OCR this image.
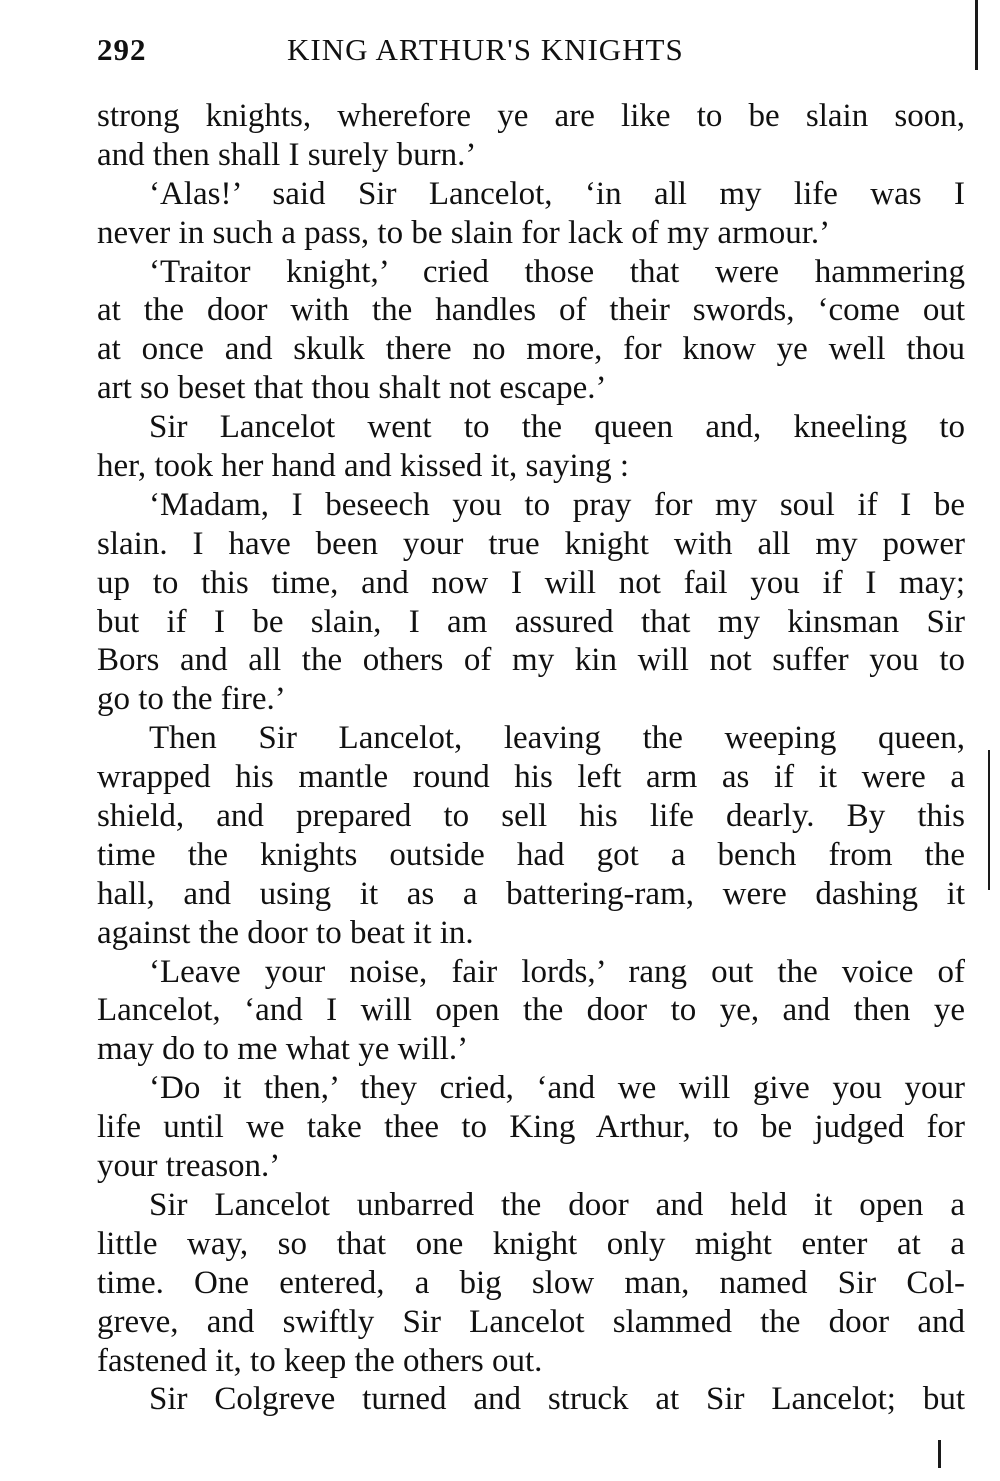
292	KING ARTHUR'S KNIGHTS
strong knights, wherefore ye are like to be slain soon,
and then shall I surely burn.’
‘Alas!’ said Sir Lancelot, ‘in all my life was I
never in such a pass, to be slain for lack of my armour.’
‘Traitor knight,’ cried those that were hammering
at the door with the handles of their swords, ‘come out
at once and skulk there no more, for know ye well thou
art so beset that thou shalt not escape.’
Sir Lancelot went to the queen and, kneeling to
her, took her hand and kissed it, saying :
‘Madam, I beseech you to pray for my soul if I be
slain. I have been your true knight with all my power
up to this time, and now I will not fail you if I may;
but if I be slain, I am assured that my kinsman Sir
Bors and all the others of my kin will not suffer you to
go to the fire.’
Then Sir Lancelot, leaving the weeping queen,
wrapped his mantle round his left arm as if it were a
shield, and prepared to sell his life dearly. By this
time the knights outside had got a bench from the
hall, and using it as a battering-ram, were dashing it
against the door to beat it in.
‘Leave your noise, fair lords,’ rang out the voice of
Lancelot, ‘and I will open the door to ye, and then ye
may do to me what ye will.’
‘Do it then,’ they cried, ‘and we will give you your
life until we take thee to King Arthur, to be judged for
your treason.’
Sir Lancelot unbarred the door and held it open a
little way, so that one knight only might enter at a
time. One entered, a big slow man, named Sir Col-
greve, and swiftly Sir Lancelot slammed the door and
fastened it, to keep the others out.
Sir Colgreve turned and struck at Sir Lancelot; but
